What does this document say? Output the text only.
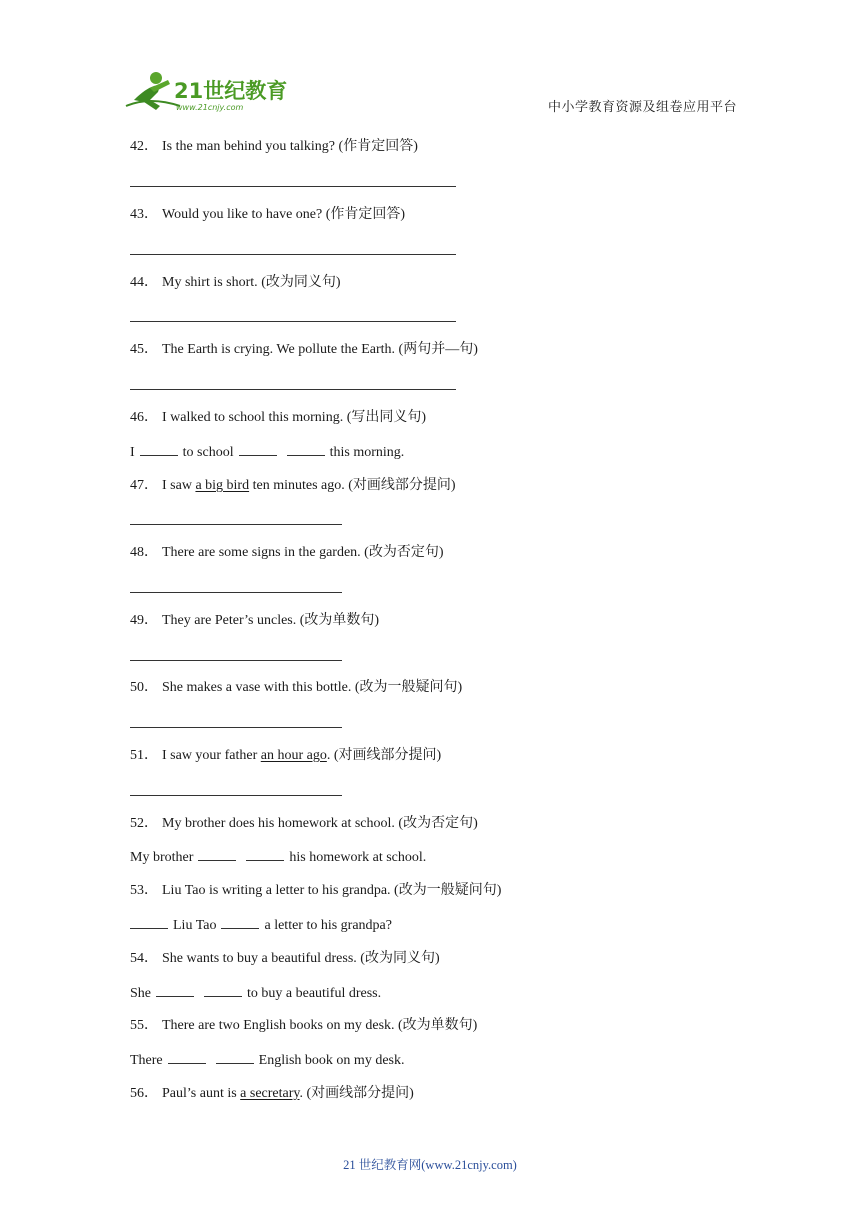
21世纪教育
www.21cnjy.com	中小学教育资源及组卷应用平台
42． Is the man behind you talking? (作肯定回答)
43． Would you like to have one? (作肯定回答)
44． My shirt is short. (改为同义句)
45． The Earth is crying. We pollute the Earth. (两句并—句)
46． I walked to school this morning. (写出同义句)
I	to school	this morning.
47． I saw a big bird ten minutes ago. (对画线部分提问)
48． There are some signs in the garden. (改为否定句)
49． They are Peter’s uncles. (改为单数句)
50． She makes a vase with this bottle. (改为一般疑问句)
51． I saw your father an hour ago. (对画线部分提问)
52． My brother does his homework at school. (改为否定句)
My brother	his homework at school.
53． Liu Tao is writing a letter to his grandpa. (改为一般疑问句)
Liu Tao	a letter to his grandpa?
54． She wants to buy a beautiful dress. (改为同义句)
She	to buy a beautiful dress.
55． There are two English books on my desk. (改为单数句)
There	English book on my desk.
56． Paul’s aunt is a secretary. (对画线部分提问)
21 世纪教育网(www.21cnjy.com)
